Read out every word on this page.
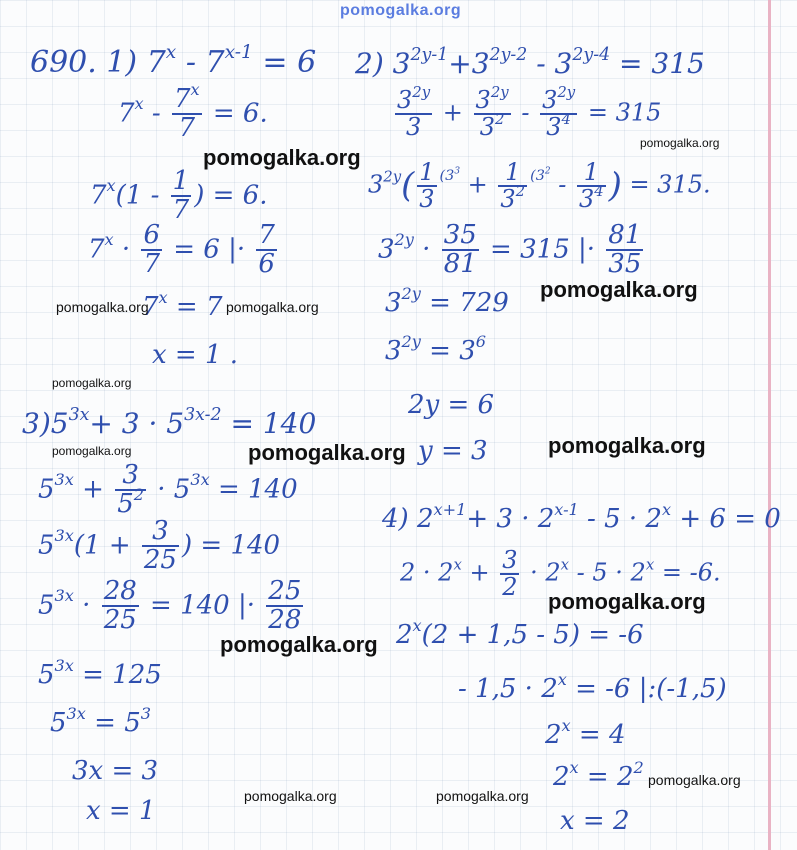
pomogalka.org

690. 1) $7^x - 7^{x-1} = 6$

$7^x - \frac{7^x}{7} = 6$.

$7^x(1 - \frac{1}{7}$ ) = 6.

$7^x \cdot \frac{6}{7} = 6$ |· $\frac{7}{6}$

$7^x = 7$

x = 1 .

2) $3^{2y-1}+3^{2y-2} - 3^{2y-4} = 315$

$\frac{3^{2y}}{3} + \frac{3^{2y}}{3^2} - \frac{3^{2y}}{3^4} = 315$

$3^{2y}( \frac{1}{3} ^{(3^3} + \frac{1}{3^2} ^{(3^2} - \frac{1}{3^4}$ ) = 315.

$3^{2y} \cdot \frac{35}{81} = 315$ |· $\frac{81}{35}$

$3^{2y} = 729$

$3^{2y} = 3^6$

2y = 6

y = 3

$3)5^{3x}+ 3 \cdot 5^{3x-2} = 140$

$5^{3x} + \frac{3}{5^2} \cdot 5^{3x} = 140$

$5^{3x}(1 + \frac{3}{25}$ ) = 140

$5^{3x} \cdot \frac{28}{25} = 140$ |· $\frac{25}{28}$

$5^{3x} = 125$

$5^{3x} = 5^3$

3x = 3

x = 1

4) $2^{x+1}+ 3 \cdot 2^{x-1} - 5 \cdot 2^x + 6 = 0$

$2 \cdot 2^x + \frac{3}{2} \cdot 2^x - 5 \cdot 2^x = -6$.

$2^x(2 + 1,5 - 5) = -6$

- $1,5 \cdot 2^x = -6$ |:(-1,5)

$2^x = 4$

$2^x = 2^2$

x = 2

pomogalka.org

pomogalka.org

pomogalka.org	pomogalka.org

pomogalka.org

pomogalka.org

pomogalka.org	pomogalka.org	pomogalka.org

pomogalka.org

pomogalka.org

pomogalka.org

pomogalka.org	pomogalka.org
